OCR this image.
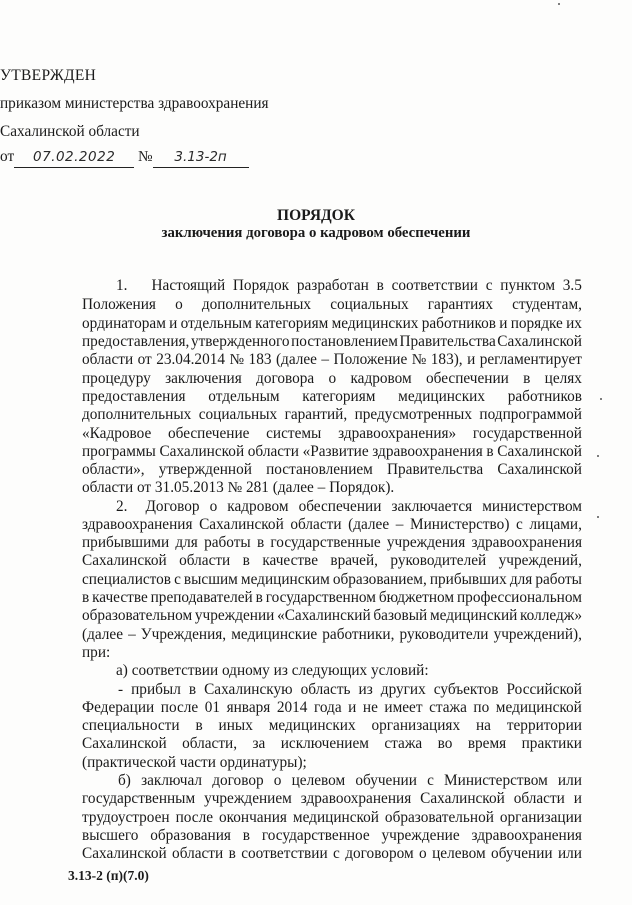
УТВЕРЖДЕН
приказом министерства здравоохранения
Сахалинской области
от 07.02.2022 № 3.13-2п
ПОРЯДОК
заключения договора о кадровом обеспечении
1. Настоящий Порядок разработан в соответствии с пунктом 3.5
Положения о дополнительных социальных гарантиях студентам,
ординаторам и отдельным категориям медицинских работников и порядке их
предоставления, утвержденного постановлением Правительства Сахалинской
области от 23.04.2014 № 183 (далее – Положение № 183), и регламентирует
процедуру заключения договора о кадровом обеспечении в целях
предоставления отдельным категориям медицинских работников
дополнительных социальных гарантий, предусмотренных подпрограммой
«Кадровое обеспечение системы здравоохранения» государственной
программы Сахалинской области «Развитие здравоохранения в Сахалинской
области», утвержденной постановлением Правительства Сахалинской
области от 31.05.2013 № 281 (далее – Порядок).
2. Договор о кадровом обеспечении заключается министерством
здравоохранения Сахалинской области (далее – Министерство) с лицами,
прибывшими для работы в государственные учреждения здравоохранения
Сахалинской области в качестве врачей, руководителей учреждений,
специалистов с высшим медицинским образованием, прибывших для работы
в качестве преподавателей в государственном бюджетном профессиональном
образовательном учреждении «Сахалинский базовый медицинский колледж»
(далее – Учреждения, медицинские работники, руководители учреждений),
при:
а) соответствии одному из следующих условий:
- прибыл в Сахалинскую область из других субъектов Российской
Федерации после 01 января 2014 года и не имеет стажа по медицинской
специальности в иных медицинских организациях на территории
Сахалинской области, за исключением стажа во время практики
(практической части ординатуры);
б) заключал договор о целевом обучении с Министерством или
государственным учреждением здравоохранения Сахалинской области и
трудоустроен после окончания медицинской образовательной организации
высшего образования в государственное учреждение здравоохранения
Сахалинской области в соответствии с договором о целевом обучении или
3.13-2 (п)(7.0)
